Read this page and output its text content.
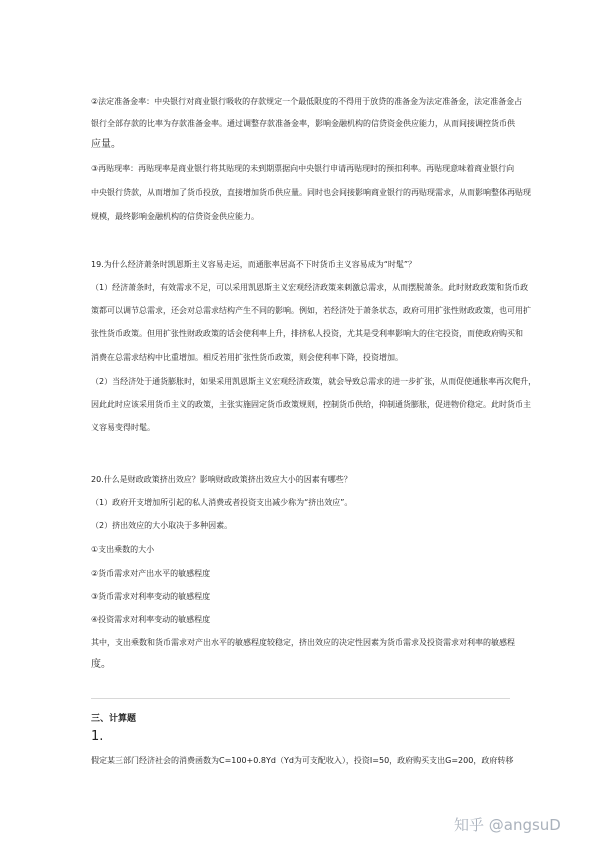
②法定准备金率：中央银行对商业银行吸收的存款规定一个最低限度的不得用于放贷的准备金为法定准备金，法定准备金占
银行全部存款的比率为存款准备金率。通过调整存款准备金率，影响金融机构的信贷资金供应能力，从而间接调控货币供
应量。
③再贴现率：再贴现率是商业银行将其贴现的未到期票据向中央银行申请再贴现时的预扣利率。再贴现意味着商业银行向
中央银行贷款，从而增加了货币投放，直接增加货币供应量。同时也会间接影响商业银行的再贴现需求，从而影响整体再贴现
规模，最终影响金融机构的信贷资金供应能力。
19.为什么经济萧条时凯恩斯主义容易走运，而通胀率居高不下时货币主义容易成为“时髦”？
（1）经济萧条时，有效需求不足，可以采用凯恩斯主义宏观经济政策来刺激总需求，从而摆脱萧条。此时财政政策和货币政
策都可以调节总需求，还会对总需求结构产生不同的影响。例如，若经济处于萧条状态，政府可用扩张性财政政策，也可用扩
张性货币政策。但用扩张性财政政策的话会使利率上升，排挤私人投资，尤其是受利率影响大的住宅投资，而使政府购买和
消费在总需求结构中比重增加。相反若用扩张性货币政策，则会使利率下降，投资增加。
（2）当经济处于通货膨胀时，如果采用凯恩斯主义宏观经济政策，就会导致总需求的进一步扩张，从而促使通胀率再次爬升，
因此此时应该采用货币主义的政策，主张实施固定货币政策规则，控制货币供给，抑制通货膨胀，促进物价稳定。此时货币主
义容易变得时髦。
20.什么是财政政策挤出效应？影响财政政策挤出效应大小的因素有哪些？
（1）政府开支增加所引起的私人消费或者投资支出减少称为“挤出效应”。
（2）挤出效应的大小取决于多种因素。
①支出乘数的大小
②货币需求对产出水平的敏感程度
③货币需求对利率变动的敏感程度
④投资需求对利率变动的敏感程度
其中，支出乘数和货币需求对产出水平的敏感程度较稳定，挤出效应的决定性因素为货币需求及投资需求对利率的敏感程
度。
三、计算题
1.
假定某三部门经济社会的消费函数为C=100+0.8Yd（Yd为可支配收入），投资I=50，政府购买支出G=200，政府转移
知乎 @angsuD
